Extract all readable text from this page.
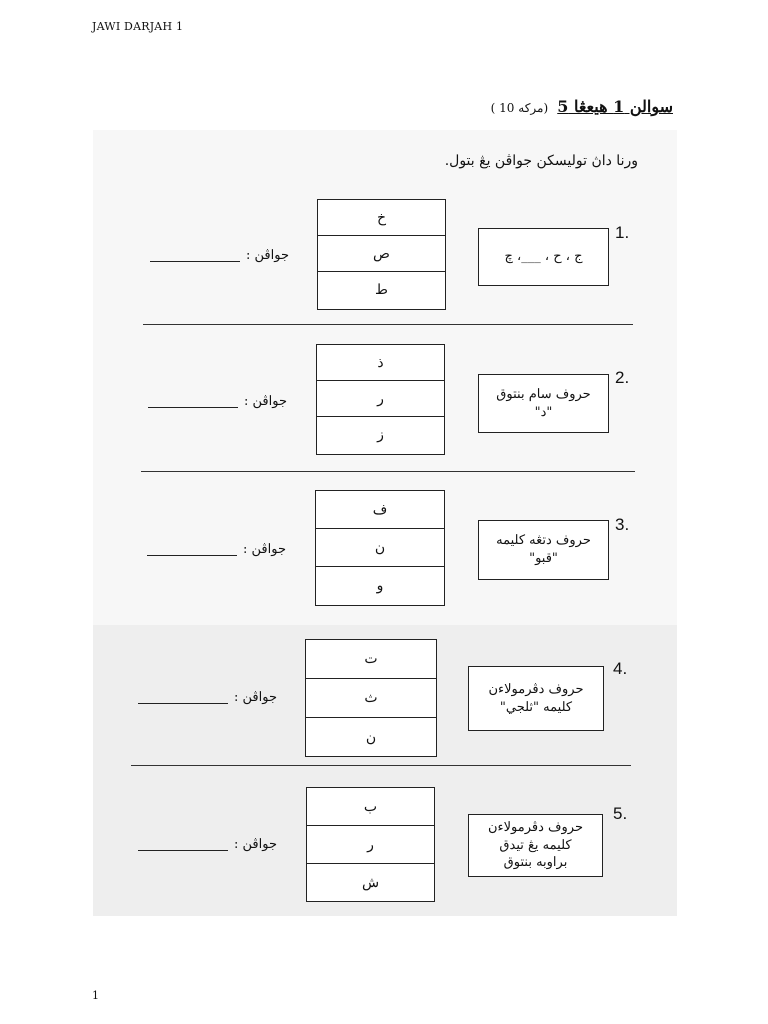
JAWI DARJAH 1
سوالن 1 هيعڠا 5 (مرکه 10 )
ورنا داڽ توليسکن جواڤن يڠ بتول.
1.
ج ، ح ، ___، چ
خ
ص
ط
جواڤن :
2.
حروف سام بنتوق
"د"
ذ
ر
ز
جواڤن :
3.
حروف دتڠه کليمه
"قبو"
ف
ن
و
جواڤن :
4.
حروف دڤرمولاءن
کليمه "ثلجي"
ت
ث
ن
جواڤن :
5.
حروف دڤرمولاءن
کليمه يڠ تيدق
براوبه بنتوق
ب
ر
ش
جواڤن :
1
